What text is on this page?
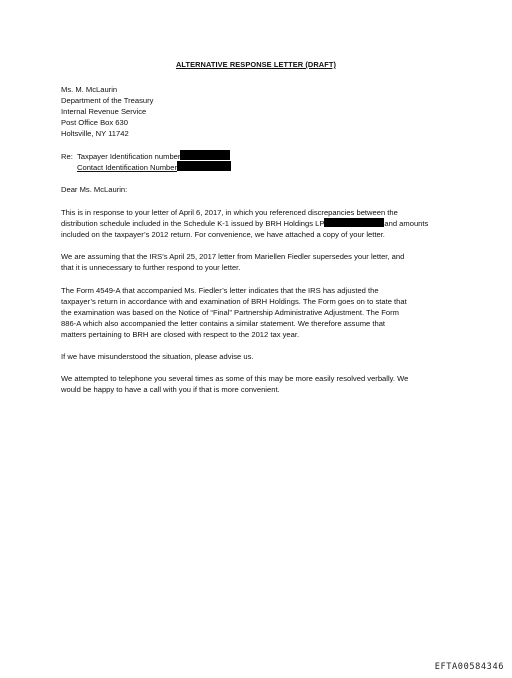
ALTERNATIVE RESPONSE LETTER (DRAFT)
Ms. M. McLaurin
Department of the Treasury
Internal Revenue Service
Post Office Box 630
Holtsville, NY 11742
Re: Taxpayer Identification number
Contact Identification Number
Dear Ms. McLaurin:
This is in response to your letter of April 6, 2017, in which you referenced discrepancies between the
distribution schedule included in the Schedule K-1 issued by BRH Holdings LP	and amounts
included on the taxpayer’s 2012 return. For convenience, we have attached a copy of your letter.
We are assuming that the IRS’s April 25, 2017 letter from Mariellen Fiedler supersedes your letter, and
that it is unnecessary to further respond to your letter.
The Form 4549-A that accompanied Ms. Fiedler’s letter indicates that the IRS has adjusted the
taxpayer’s return in accordance with and examination of BRH Holdings. The Form goes on to state that
the examination was based on the Notice of “Final” Partnership Administrative Adjustment. The Form
886-A which also accompanied the letter contains a similar statement. We therefore assume that
matters pertaining to BRH are closed with respect to the 2012 tax year.
If we have misunderstood the situation, please advise us.
We attempted to telephone you several times as some of this may be more easily resolved verbally. We
would be happy to have a call with you if that is more convenient.
EFTA00584346
